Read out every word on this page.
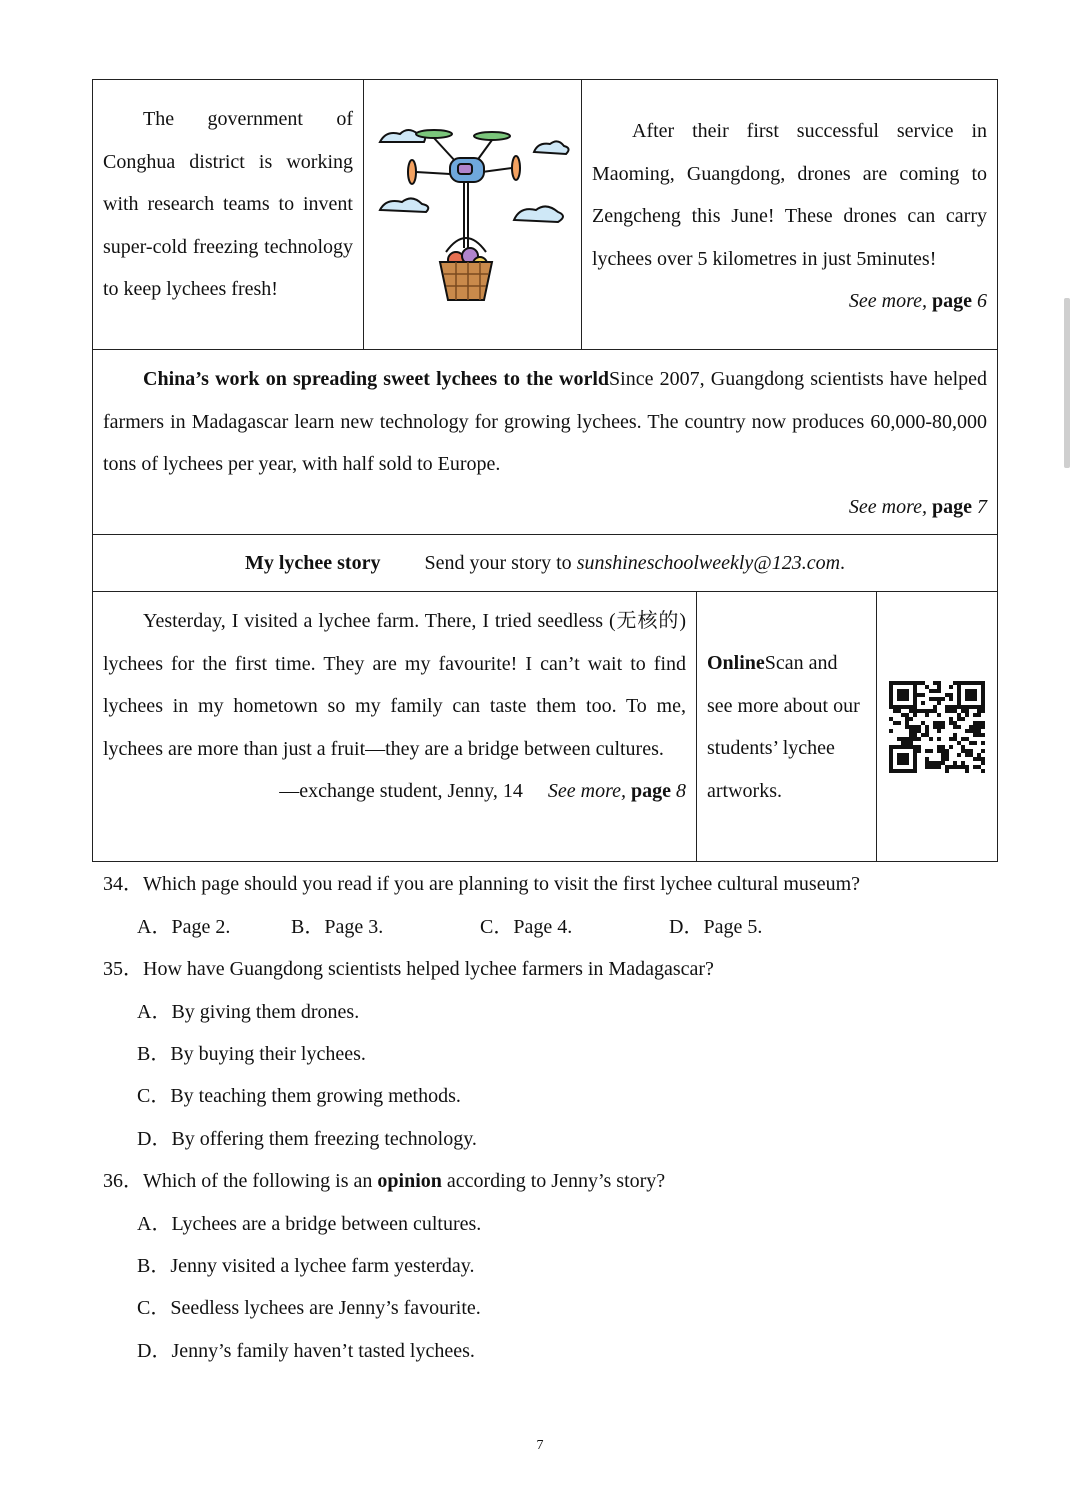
The government of Conghua district is working with research teams to invent super-cold freezing technology to keep lychees fresh!
After their first successful service in Maoming, Guangdong, drones are coming to Zengcheng this June! These drones can carry lychees over 5 kilometres in just 5minutes!
See more, page 6
China’s work on spreading sweet lychees to the worldSince 2007, Guangdong scientists have helped farmers in Madagascar learn new technology for growing lychees. The country now produces 60,000-80,000 tons of lychees per year, with half sold to Europe.
See more, page 7
My lychee story Send your story to sunshineschoolweekly@123.com.
Yesterday, I visited a lychee farm. There, I tried seedless (无核的) lychees for the first time. They are my favourite! I can’t wait to find lychees in my hometown so my family can taste them too. To me, lychees are more than just a fruit—they are a bridge between cultures.
—exchange student, Jenny, 14 See more, page 8
OnlineScan and see more about our students’ lychee artworks.
34．Which page should you read if you are planning to visit the first lychee cultural museum?
A．Page 2.	B．Page 3.	C．Page 4.	D．Page 5.
35．How have Guangdong scientists helped lychee farmers in Madagascar?
A．By giving them drones.
B．By buying their lychees.
C．By teaching them growing methods.
D．By offering them freezing technology.
36．Which of the following is an opinion according to Jenny’s story?
A．Lychees are a bridge between cultures.
B．Jenny visited a lychee farm yesterday.
C．Seedless lychees are Jenny’s favourite.
D．Jenny’s family haven’t tasted lychees.
7
